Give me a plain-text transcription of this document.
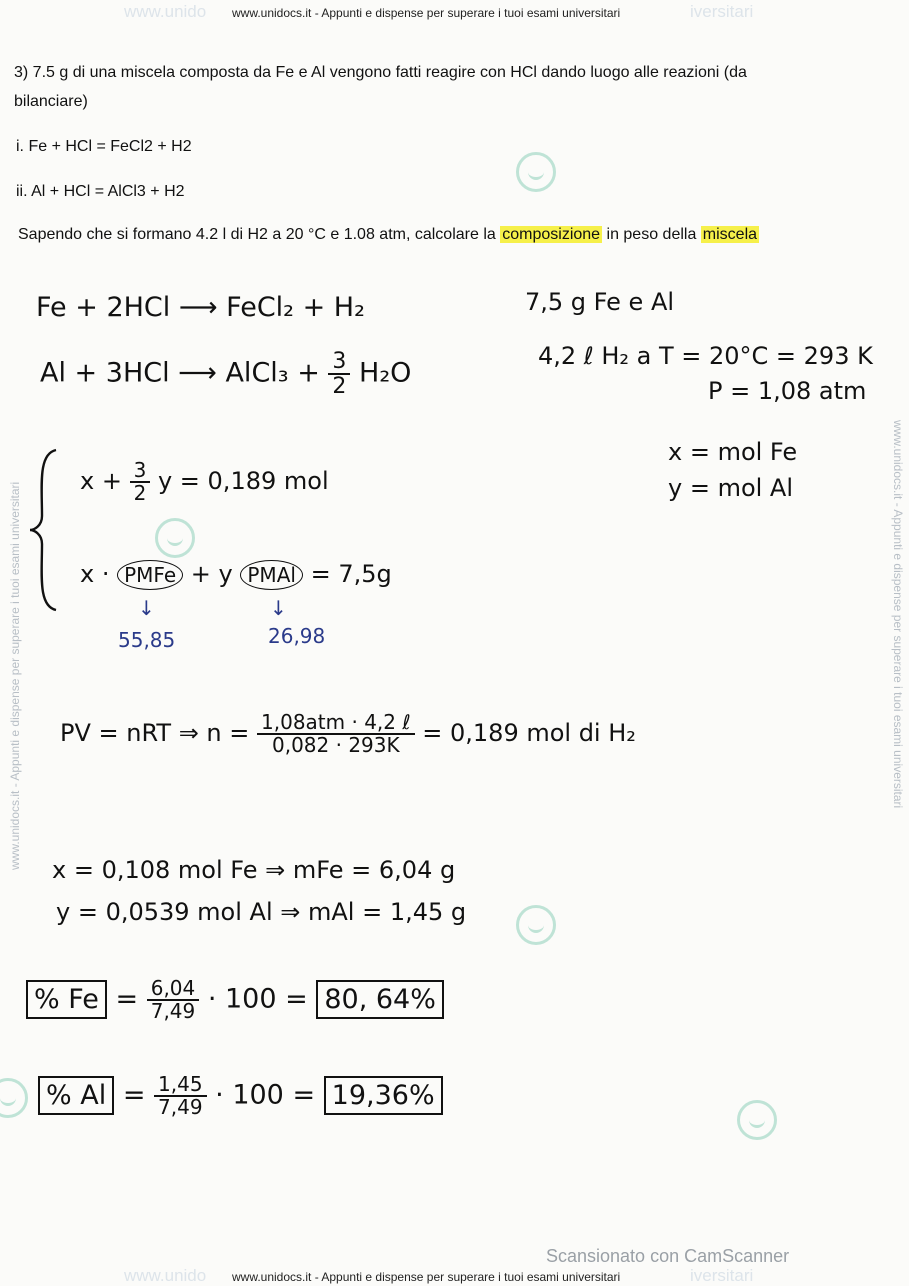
www.unido www.unidocs.it - Appunti e dispense per superare i tuoi esami universitari	iversitari
www.unidocs.it - Appunti e dispense per superare i tuoi esami universitari	www.unidocs.it - Appunti e dispense per superare i tuoi esami universitari
3) 7.5 g di una miscela composta da Fe e Al vengono fatti reagire con HCl dando luogo alle reazioni (da
bilanciare)
i. Fe + HCl = FeCl2 + H2
ii. Al + HCl = AlCl3 + H2
Sapendo che si formano 4.2 l di H2 a 20 °C e 1.08 atm, calcolare la composizione in peso della miscela
Fe + 2HCl ⟶ FeCl₂ + H₂
Al + 3HCl ⟶ AlCl₃ + $\frac{3}{2} H_2O$
7,5 g Fe e Al
4,2 ℓ H₂ a T = 20°C = 293 K
P = 1,08 atm
x = mol Fe
y = mol Al
$x + \frac{3}{2}$ y = 0,189 mol
x · PMFe + y PMAl = 7,5g
↓	↓
55,85	26,98
PV = nRT ⇒ $n = \frac{\text{1,08atm · 4,2 ℓ}}{0,082 \cdot 293K} = 0,189$ mol di H₂
x = 0,108 mol Fe ⇒ mFe = 6,04 g
y = 0,0539 mol Al ⇒ mAl = 1,45 g
% $Fe = \frac{6,04}{7,49} \cdot 100 = 80$, 64%
% $Al = \frac{1,45}{7,49} \cdot 100 = 19,36\%$
Scansionato con CamScanner
www.unido www.unidocs.it - Appunti e dispense per superare i tuoi esami universitari	iversitari
